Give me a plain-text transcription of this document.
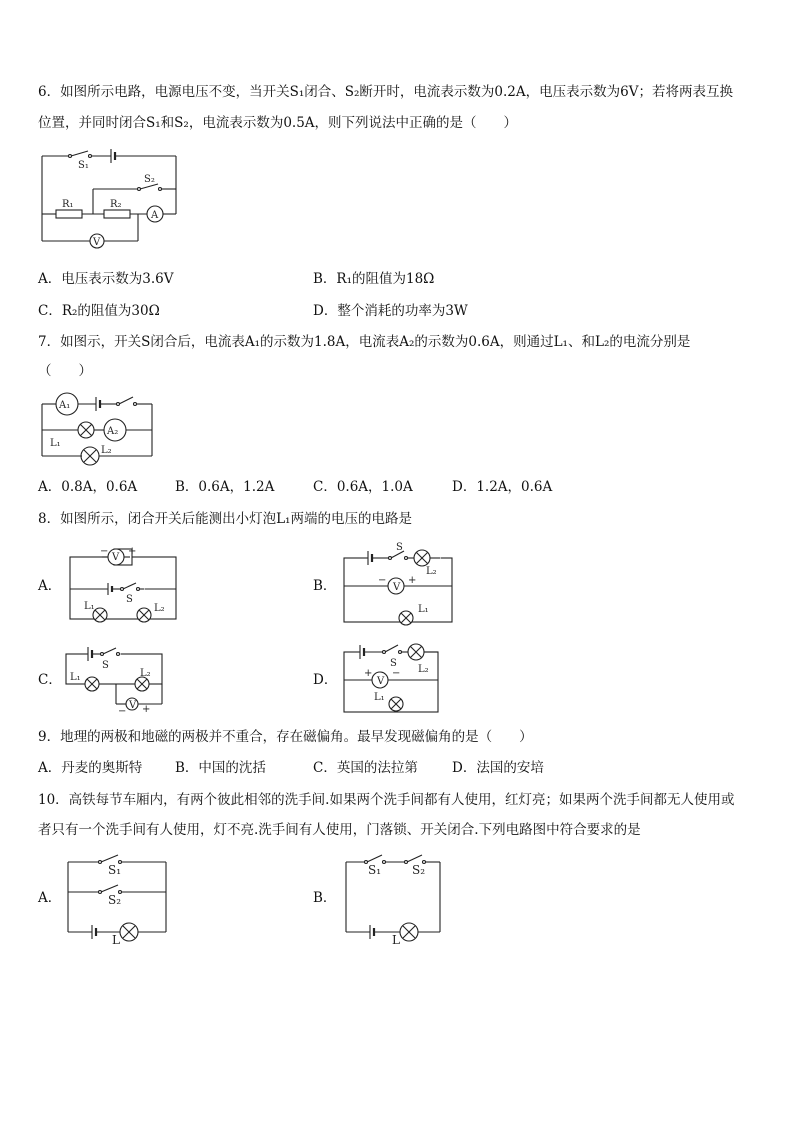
6．如图所示电路，电源电压不变，当开关S₁闭合、S₂断开时，电流表示数为0.2A，电压表示数为6V；若将两表互换
位置，并同时闭合S₁和S₂，电流表示数为0.5A，则下列说法中正确的是（　　）
S₁
S₂
R₁	R₂
A
V
A．电压表示数为3.6V	B．R₁的阻值为18Ω
C．R₂的阻值为30Ω	D．整个消耗的功率为3W
7．如图示，开关S闭合后，电流表A₁的示数为1.8A，电流表A₂的示数为0.6A，则通过L₁、和L₂的电流分别是
（　　）
A₁
A₂
L₁
L₂
A．0.8A，0.6A	B．0.6A，1.2A	C．0.6A，1.0A	D．1.2A，0.6A
8．如图所示，闭合开关后能测出小灯泡L₁两端的电压的电路是
A．
V
− +
S
L₁	L₂
B．	V
− +
S
L₂
L₁
C．
V
− +
S
L₁	L₂	D．	V
+ −
S
L₂
L₁
9．地理的两极和地磁的两极并不重合，存在磁偏角。最早发现磁偏角的是（　　）
A．丹麦的奥斯特 B．中国的沈括	C．英国的法拉第	D．法国的安培
10．高铁每节车厢内，有两个彼此相邻的洗手间.如果两个洗手间都有人使用，红灯亮；如果两个洗手间都无人使用或
者只有一个洗手间有人使用，灯不亮.洗手间有人使用，门落锁、开关闭合.下列电路图中符合要求的是
A．
S₁
S₂
L
B．
S₁	S₂
L
